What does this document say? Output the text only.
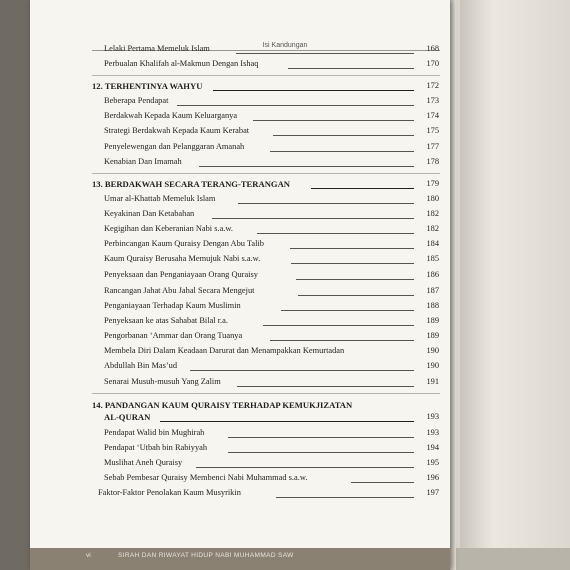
Isi Kandungan
Lelaki Pertama Memeluk Islam	168
Perbualan Khalifah al-Makmun Dengan Ishaq	170
12. TERHENTINYA WAHYU	172
Beberapa Pendapat	173
Berdakwah Kepada Kaum Keluarganya	174
Strategi Berdakwah Kepada Kaum Kerabat	175
Penyelewengan dan Pelanggaran Amanah	177
Kenabian Dan Imamah	178
13. BERDAKWAH SECARA TERANG-TERANGAN	179
Umar al-Khattab Memeluk Islam	180
Keyakinan Dan Ketabahan	182
Kegigihan dan Keberanian Nabi s.a.w.	182
Perbincangan Kaum Quraisy Dengan Abu Talib	184
Kaum Quraisy Berusaha Memujuk Nabi s.a.w.	185
Penyeksaan dan Penganiayaan Orang Quraisy	186
Rancangan Jahat Abu Jahal Secara Mengejut	187
Penganiayaan Terhadap Kaum Muslimin	188
Penyeksaan ke atas Sahabat Bilal r.a.	189
Pengorbanan ‘Ammar dan Orang Tuanya	189
Membela Diri Dalam Keadaan Darurat dan Menampakkan Kemurtadan	190
Abdullah Bin Mas’ud	190
Senarai Musuh-musuh Yang Zalim	191
14. PANDANGAN KAUM QURAISY TERHADAP KEMUKJIZATAN
AL-QURAN	193
Pendapat Walid bin Mughirah	193
Pendapat ‘Utbah bin Rabiyyah	194
Muslihat Aneh Quraisy	195
Sebab Pembesar Quraisy Membenci Nabi Muhammad s.a.w.	196
Faktor-Faktor Penolakan Kaum Musyrikin	197
vi	SIRAH DAN RIWAYAT HIDUP NABI MUHAMMAD SAW
